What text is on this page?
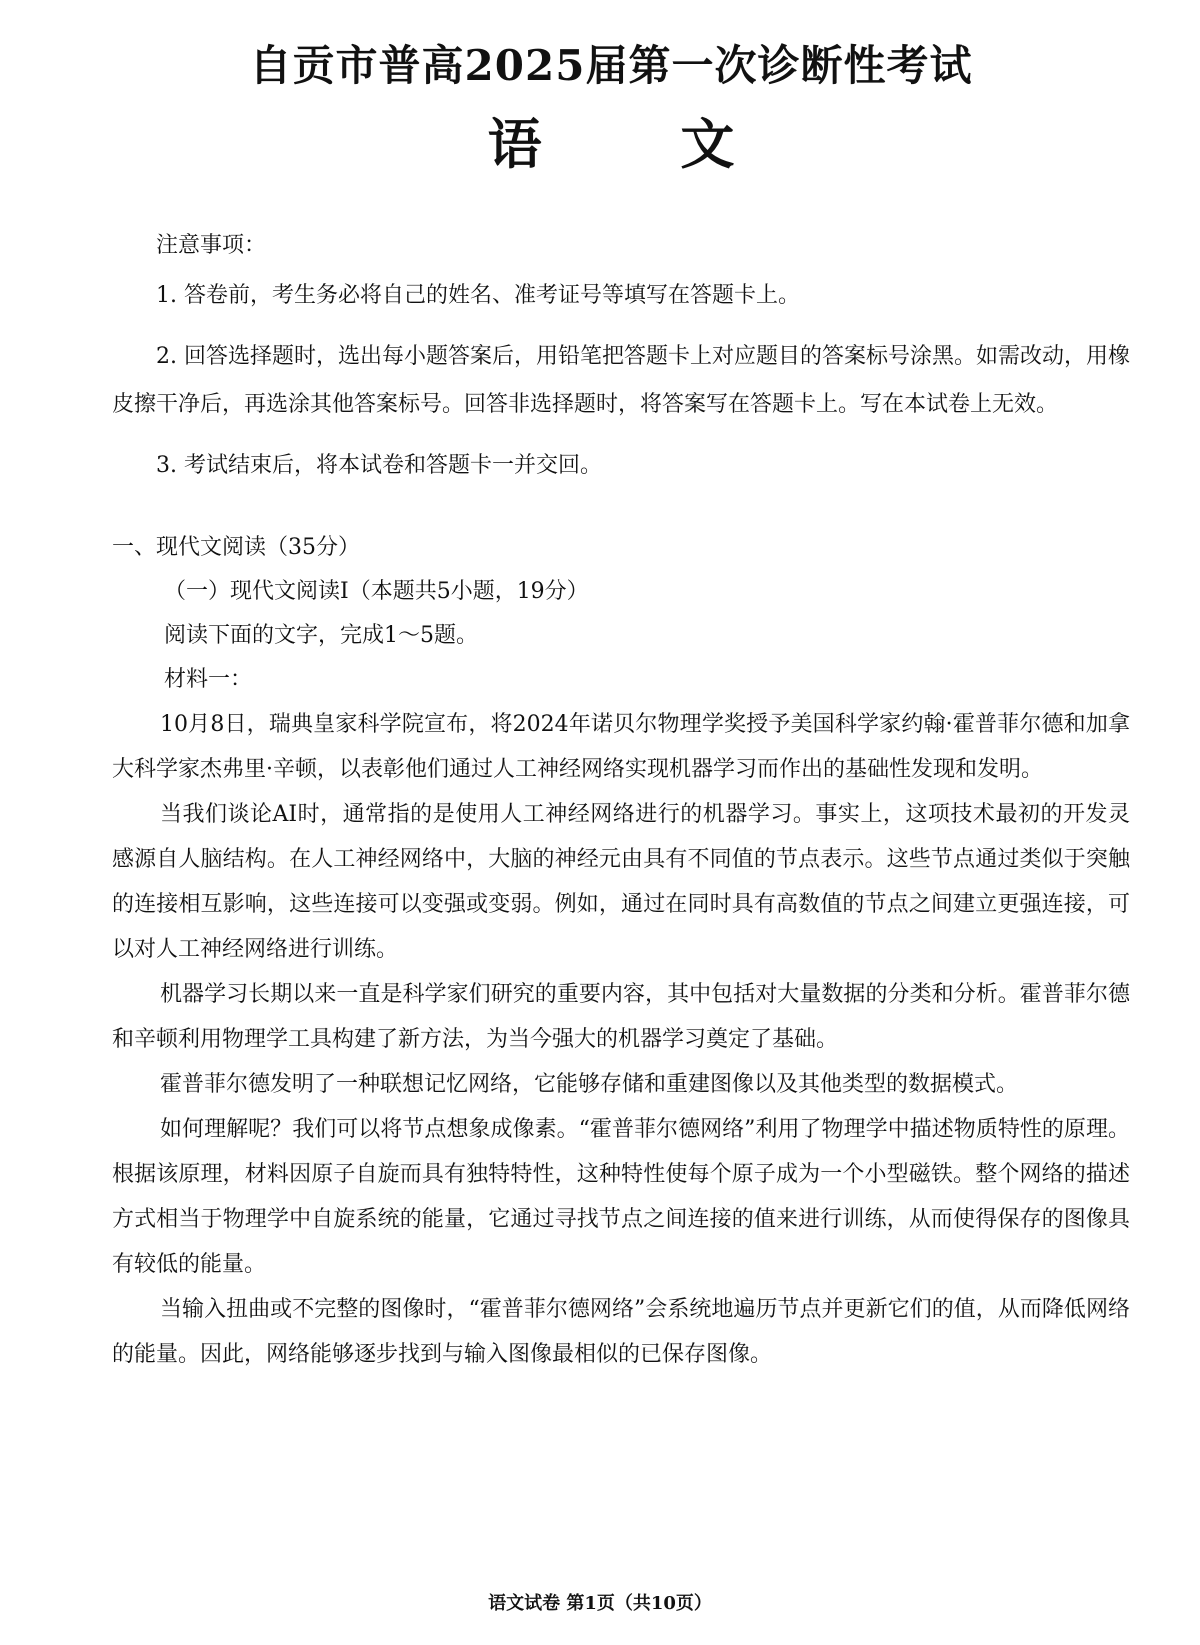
自贡市普高2025届第一次诊断性考试
语 文
注意事项：

1. 答卷前，考生务必将自己的姓名、准考证号等填写在答题卡上。

2. 回答选择题时，选出每小题答案后，用铅笔把答题卡上对应题目的答案标号涂黑。如需改动，用橡皮擦干净后，再选涂其他答案标号。回答非选择题时，将答案写在答题卡上。写在本试卷上无效。

3. 考试结束后，将本试卷和答题卡一并交回。

一、现代文阅读（35分）
（一）现代文阅读Ⅰ（本题共5小题，19分）
阅读下面的文字，完成1～5题。
材料一：

10月8日，瑞典皇家科学院宣布，将2024年诺贝尔物理学奖授予美国科学家约翰·霍普菲尔德和加拿大科学家杰弗里·辛顿，以表彰他们通过人工神经网络实现机器学习而作出的基础性发现和发明。

当我们谈论AI时，通常指的是使用人工神经网络进行的机器学习。事实上，这项技术最初的开发灵感源自人脑结构。在人工神经网络中，大脑的神经元由具有不同值的节点表示。这些节点通过类似于突触的连接相互影响，这些连接可以变强或变弱。例如，通过在同时具有高数值的节点之间建立更强连接，可以对人工神经网络进行训练。

机器学习长期以来一直是科学家们研究的重要内容，其中包括对大量数据的分类和分析。霍普菲尔德和辛顿利用物理学工具构建了新方法，为当今强大的机器学习奠定了基础。

霍普菲尔德发明了一种联想记忆网络，它能够存储和重建图像以及其他类型的数据模式。

如何理解呢？我们可以将节点想象成像素。“霍普菲尔德网络”利用了物理学中描述物质特性的原理。根据该原理，材料因原子自旋而具有独特特性，这种特性使每个原子成为一个小型磁铁。整个网络的描述方式相当于物理学中自旋系统的能量，它通过寻找节点之间连接的值来进行训练，从而使得保存的图像具有较低的能量。

当输入扭曲或不完整的图像时，“霍普菲尔德网络”会系统地遍历节点并更新它们的值，从而降低网络的能量。因此，网络能够逐步找到与输入图像最相似的已保存图像。

语文试卷 第1页（共10页）
